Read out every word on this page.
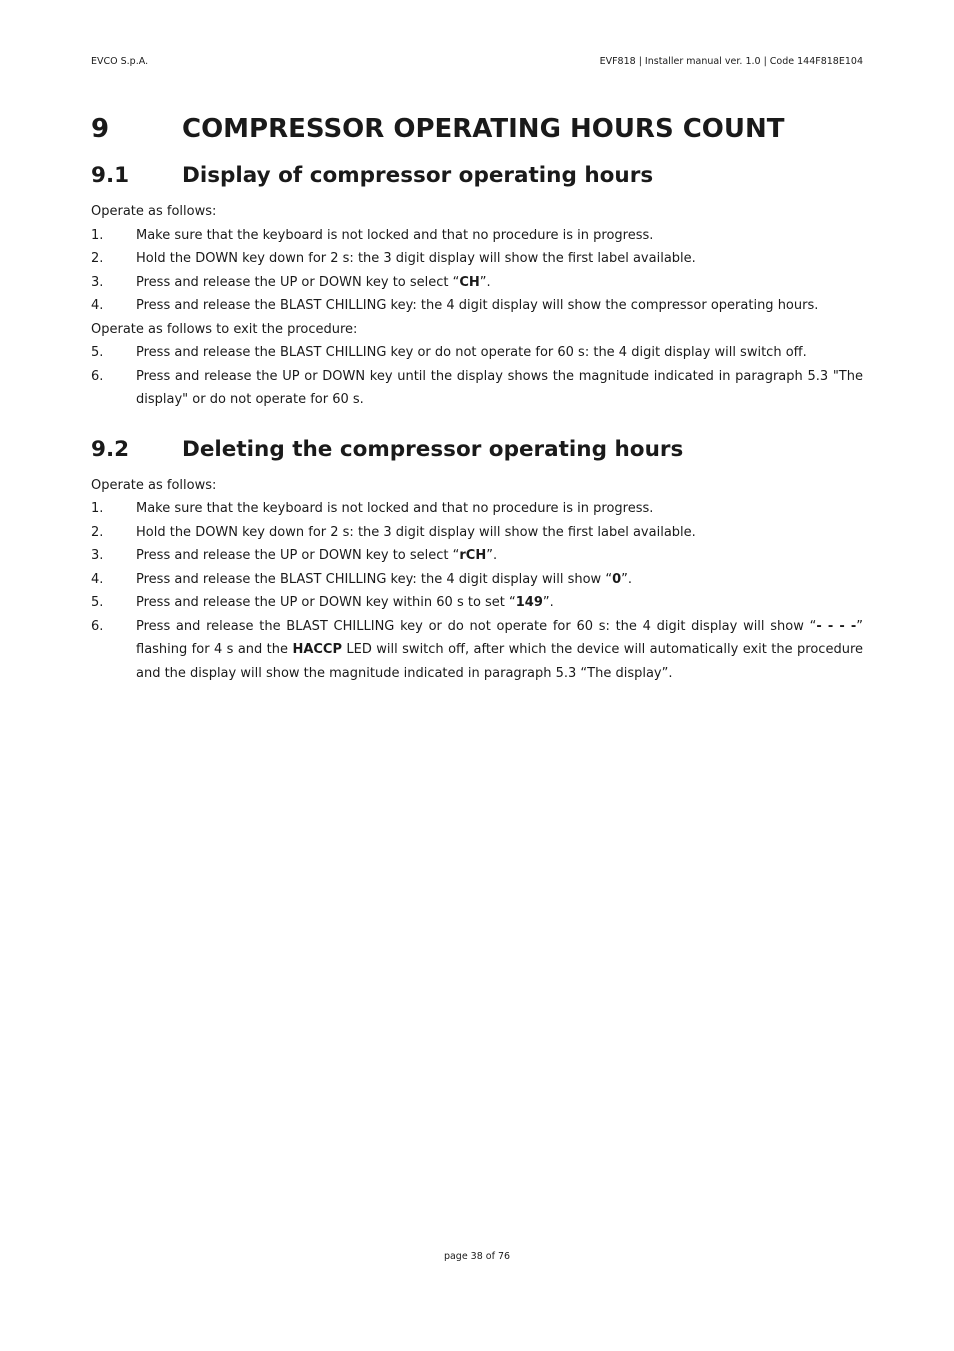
EVCO S.p.A.	EVF818 | Installer manual ver. 1.0 | Code 144F818E104
9	COMPRESSOR OPERATING HOURS COUNT
9.1	Display of compressor operating hours

Operate as follows:

1.	Make sure that the keyboard is not locked and that no procedure is in progress.
2.	Hold the DOWN key down for 2 s: the 3 digit display will show the first label available.
3.	Press and release the UP or DOWN key to select “CH”.
4.	Press and release the BLAST CHILLING key: the 4 digit display will show the compressor operating hours.

Operate as follows to exit the procedure:

5.	Press and release the BLAST CHILLING key or do not operate for 60 s: the 4 digit display will switch off.
6.	Press and release the UP or DOWN key until the display shows the magnitude indicated in paragraph 5.3 "The display" or do not operate for 60 s.
9.2	Deleting the compressor operating hours

Operate as follows:

1.	Make sure that the keyboard is not locked and that no procedure is in progress.
2.	Hold the DOWN key down for 2 s: the 3 digit display will show the first label available.
3.	Press and release the UP or DOWN key to select “rCH”.
4.	Press and release the BLAST CHILLING key: the 4 digit display will show “0”.
5.	Press and release the UP or DOWN key within 60 s to set “149”.
6.	Press and release the BLAST CHILLING key or do not operate for 60 s: the 4 digit display will show “- - - -” flashing for 4 s and the HACCP LED will switch off, after which the device will automatically exit the procedure and the display will show the magnitude indicated in paragraph 5.3 “The display”.
page 38 of 76
